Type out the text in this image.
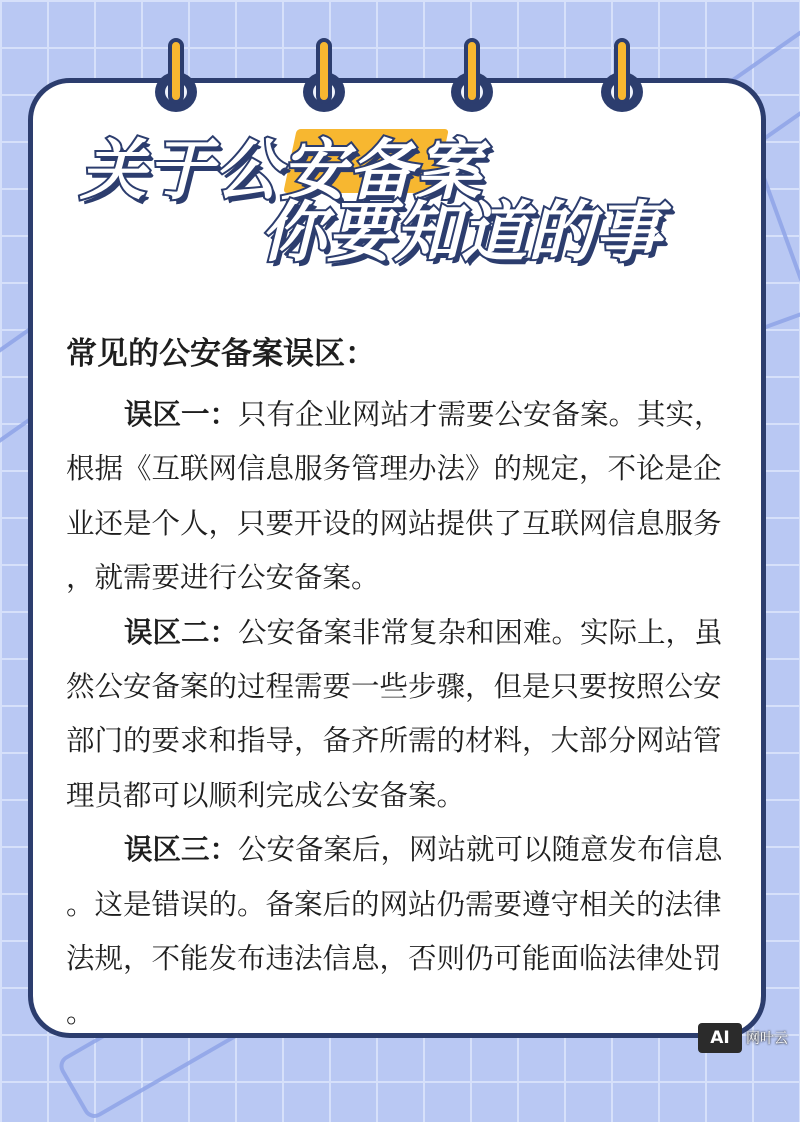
关于公安备案
你要知道的事
常见的公安备案误区：
误区一：只有企业网站才需要公安备案。其实，
根据《互联网信息服务管理办法》的规定，不论是企
业还是个人，只要开设的网站提供了互联网信息服务
，就需要进行公安备案。
误区二：公安备案非常复杂和困难。实际上，虽
然公安备案的过程需要一些步骤，但是只要按照公安
部门的要求和指导，备齐所需的材料，大部分网站管
理员都可以顺利完成公安备案。
误区三：公安备案后，网站就可以随意发布信息
。这是错误的。备案后的网站仍需要遵守相关的法律
法规，不能发布违法信息，否则仍可能面临法律处罚
。
AI	网叶云
